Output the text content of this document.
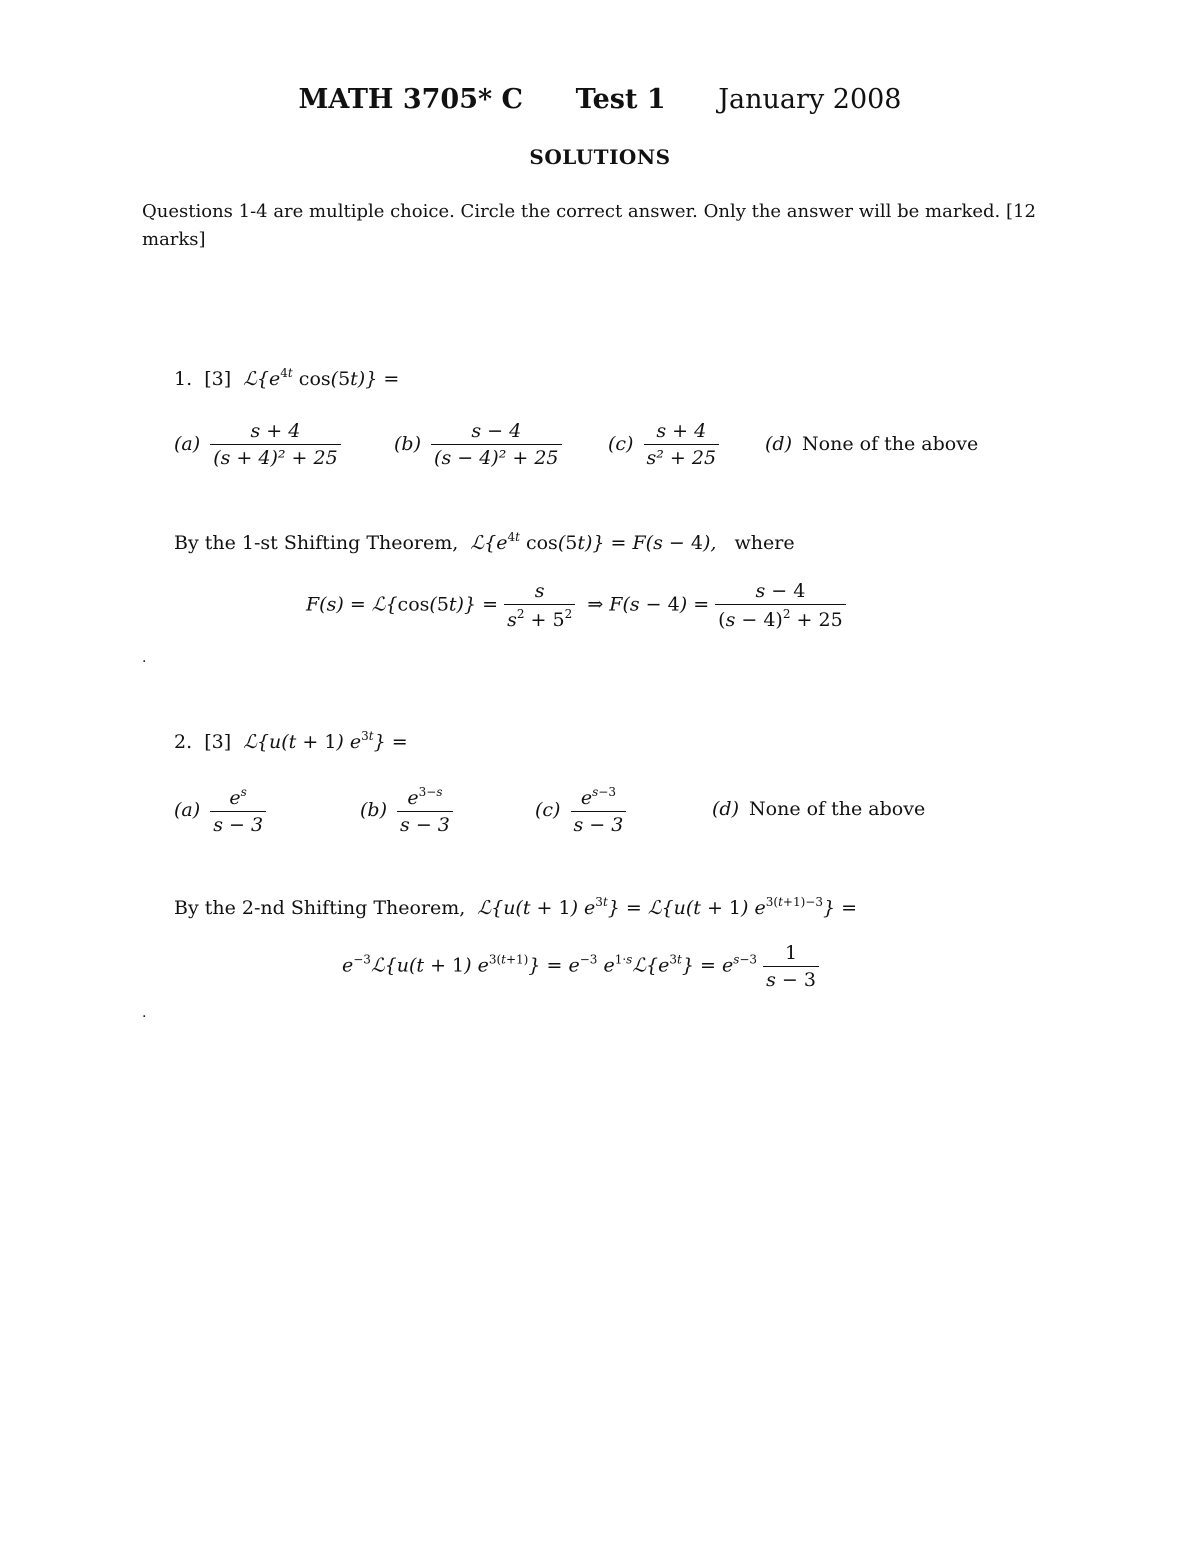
MATH 3705* C Test 1 January 2008
SOLUTIONS
Questions 1-4 are multiple choice. Circle the correct answer. Only the answer will be marked. [12 marks]
1. [3] $ℒ\{e^{4t}$ cos(5t)} =
$(a) \frac{s + 4}{\text{(s + 4)² + 25}}$	$(b) \frac{s - 4}{\text{(s − 4)² + 25}} (c) \frac{s + 4}{\text{s² + 25}} (d)$ None of the above
By the 1-st Shifting Theorem, $ℒ\{e^{4t}$ cos(5t)} = F(s − 4), where
F(s) = ℒ{cos(5t)} = $\frac{s}{s^2 + 5^2}$ ⇒ $F(s - 4) = \frac{s - 4}{(s - 4)^2 + 25}$
.
2. [3] ℒ{u(t + 1) $e^{3t}$} =
$(a) \frac{e^s}{s - 3}$	$(b) \frac{e^{3-s}}{s - 3}$	$(c) \frac{e^{s-3}}{s - 3}$	(d) None of the above
By the 2-nd Shifting Theorem, ℒ{u(t + 1) $e^{3t}$} = ℒ{u(t + 1) $e^{3(t+1)-3}$} =
$e^{-3}ℒ\{u(t + 1) e^{3(t+1)}\} = e^{-3}$ $e^{1\cdot s}ℒ\{e^{3t}\} = e^{s-3} \frac{1}{s - 3}$
.
